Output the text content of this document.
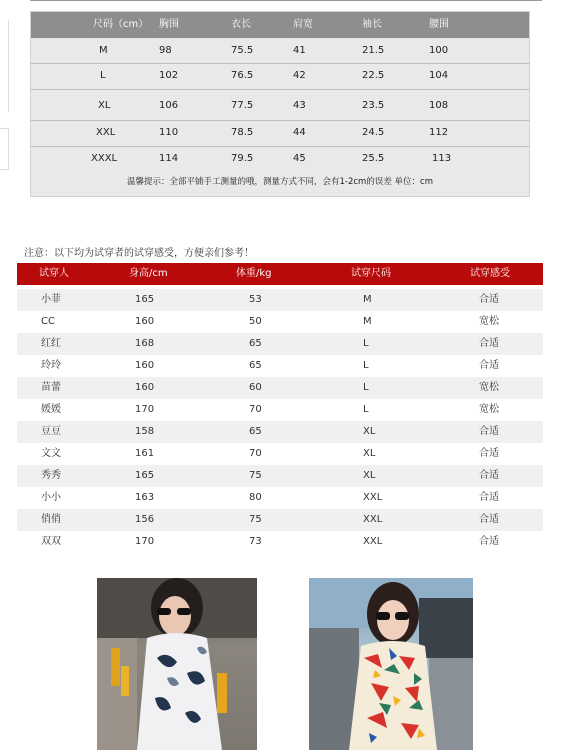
尺码（cm） 胸围	衣长	肩宽	袖长	腰围
M	98	75.5	41	21.5	100
L	102	76.5	42	22.5	104
XL	106	77.5	43	23.5	108
XXL	110	78.5	44	24.5	112
XXXL	114	79.5	45	25.5	113
温馨提示：全部平铺手工测量的哦，测量方式不同，会有1-2cm的误差 单位：cm
注意：以下均为试穿者的试穿感受，方便亲们参考！
试穿人	身高/cm	体重/kg	试穿尺码	试穿感受
小菲	165	53	M	合适
CC	160	50	M	宽松
红红	168	65	L	合适
玲玲	160	65	L	合适
苗蕾	160	60	L	宽松
媛媛	170	70	L	宽松
豆豆	158	65	XL	合适
文文	161	70	XL	合适
秀秀	165	75	XL	合适
小小	163	80	XXL	合适
俏俏	156	75	XXL	合适
双双	170	73	XXL	合适
